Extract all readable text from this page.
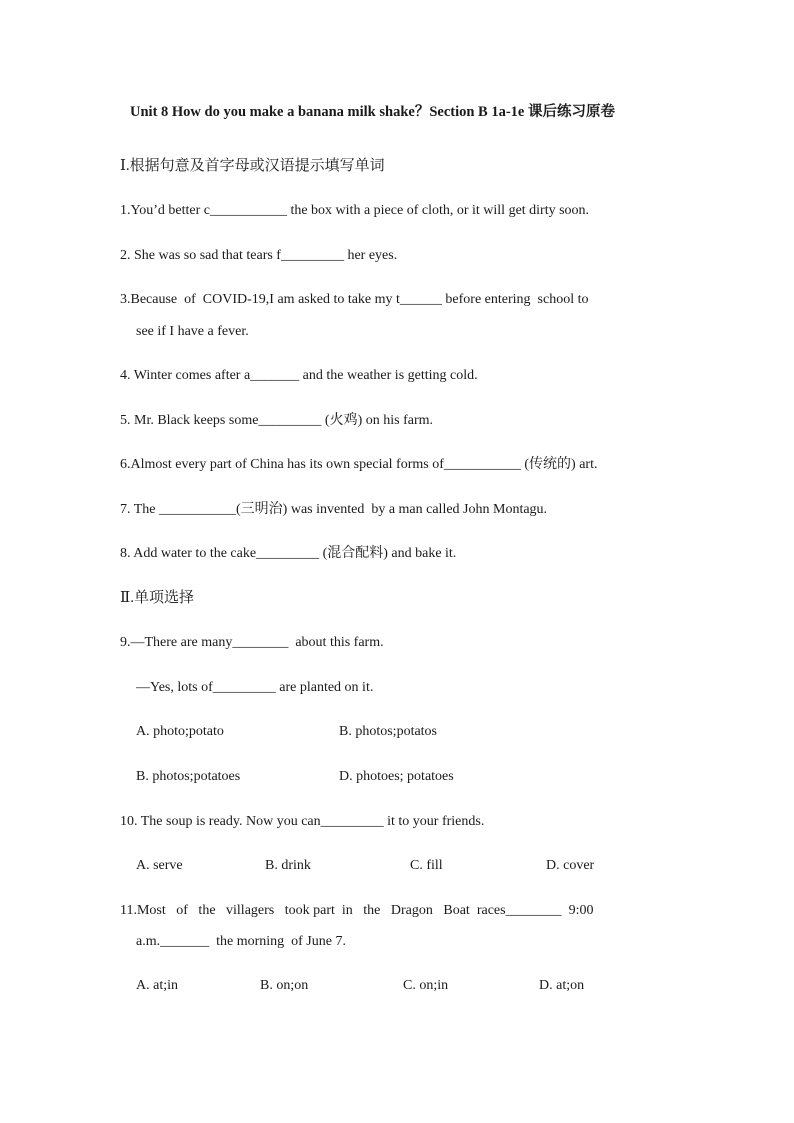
Unit 8 How do you make a banana milk shake？Section B 1a-1e 课后练习原卷
Ⅰ.根据句意及首字母或汉语提示填写单词
1.You’d better c___________ the box with a piece of cloth, or it will get dirty soon.
2. She was so sad that tears f_________ her eyes.
3.Because  of  COVID-19,I am asked to take my t______ before entering  school to
see if I have a fever.
4. Winter comes after a_______ and the weather is getting cold.
5. Mr. Black keeps some_________ (火鸡) on his farm.
6.Almost every part of China has its own special forms of___________ (传统的) art.
7. The ___________(三明治) was invented  by a man called John Montagu.
8. Add water to the cake_________ (混合配料) and bake it.
Ⅱ.单项选择
9.—There are many________  about this farm.
—Yes, lots of_________ are planted on it.
A. photo;potato	B. photos;potatos
B. photos;potatoes	D. photoes; potatoes
10. The soup is ready. Now you can_________ it to your friends.
A. serve	B. drink	C. fill	D. cover
11.Most   of   the   villagers   took part  in   the   Dragon   Boat  races________  9:00
a.m._______  the morning  of June 7.
A. at;in	B. on;on	C. on;in	D. at;on
